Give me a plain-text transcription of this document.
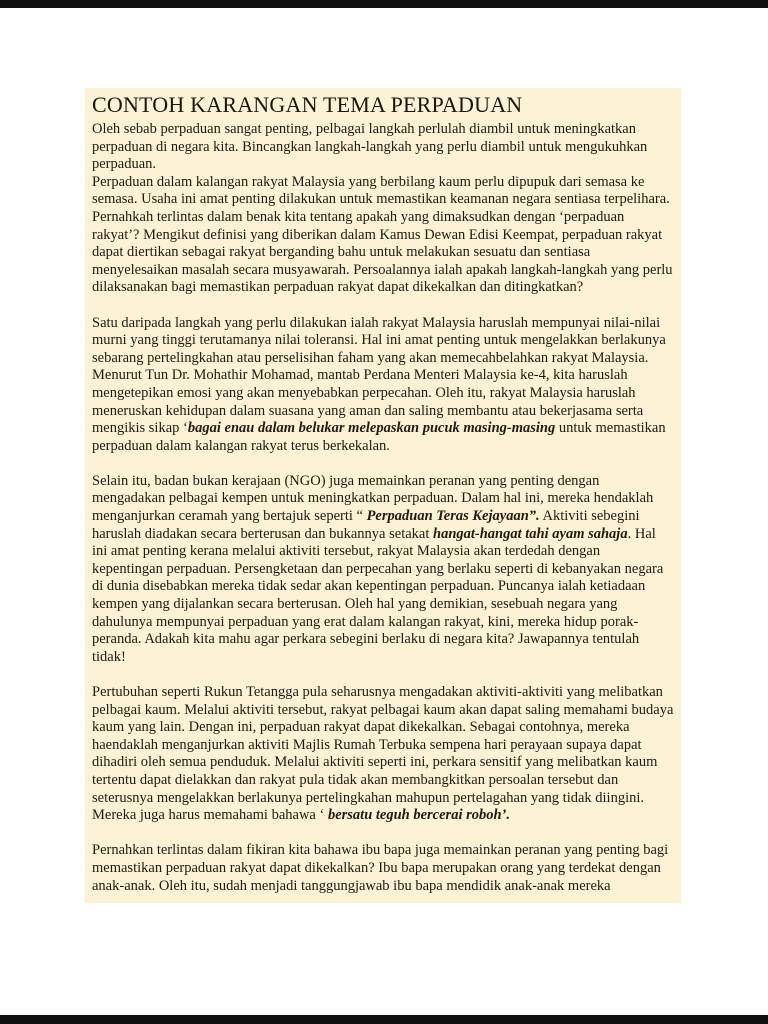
CONTOH KARANGAN TEMA PERPADUAN

Oleh sebab perpaduan sangat penting, pelbagai langkah perlulah diambil untuk meningkatkan perpaduan di negara kita. Bincangkan langkah-langkah yang perlu diambil untuk mengukuhkan perpaduan.

Perpaduan dalam kalangan rakyat Malaysia yang berbilang kaum perlu dipupuk dari semasa ke semasa. Usaha ini amat penting dilakukan untuk memastikan keamanan negara sentiasa terpelihara. Pernahkah terlintas dalam benak kita tentang apakah yang dimaksudkan dengan ‘perpaduan rakyat’? Mengikut definisi yang diberikan dalam Kamus Dewan Edisi Keempat, perpaduan rakyat dapat diertikan sebagai rakyat berganding bahu untuk melakukan sesuatu dan sentiasa menyelesaikan masalah secara musyawarah. Persoalannya ialah apakah langkah-langkah yang perlu dilaksanakan bagi memastikan perpaduan rakyat dapat dikekalkan dan ditingkatkan?

Satu daripada langkah yang perlu dilakukan ialah rakyat Malaysia haruslah mempunyai nilai-nilai murni yang tinggi terutamanya nilai toleransi. Hal ini amat penting untuk mengelakkan berlakunya sebarang pertelingkahan atau perselisihan faham yang akan memecahbelahkan rakyat Malaysia. Menurut Tun Dr. Mohathir Mohamad, mantab Perdana Menteri Malaysia ke-4, kita haruslah mengetepikan emosi yang akan menyebabkan perpecahan. Oleh itu, rakyat Malaysia haruslah meneruskan kehidupan dalam suasana yang aman dan saling membantu atau bekerjasama serta mengikis sikap ‘bagai enau dalam belukar melepaskan pucuk masing-masing untuk memastikan perpaduan dalam kalangan rakyat terus berkekalan.

Selain itu, badan bukan kerajaan (NGO) juga memainkan peranan yang penting dengan mengadakan pelbagai kempen untuk meningkatkan perpaduan. Dalam hal ini, mereka hendaklah menganjurkan ceramah yang bertajuk seperti “ Perpaduan Teras Kejayaan”. Aktiviti sebegini haruslah diadakan secara berterusan dan bukannya setakat hangat-hangat tahi ayam sahaja. Hal ini amat penting kerana melalui aktiviti tersebut, rakyat Malaysia akan terdedah dengan kepentingan perpaduan. Persengketaan dan perpecahan yang berlaku seperti di kebanyakan negara di dunia disebabkan mereka tidak sedar akan kepentingan perpaduan. Puncanya ialah ketiadaan kempen yang dijalankan secara berterusan. Oleh hal yang demikian, sesebuah negara yang dahulunya mempunyai perpaduan yang erat dalam kalangan rakyat, kini, mereka hidup porak-peranda. Adakah kita mahu agar perkara sebegini berlaku di negara kita? Jawapannya tentulah tidak!

Pertubuhan seperti Rukun Tetangga pula seharusnya mengadakan aktiviti-aktiviti yang melibatkan pelbagai kaum. Melalui aktiviti tersebut, rakyat pelbagai kaum akan dapat saling memahami budaya kaum yang lain. Dengan ini, perpaduan rakyat dapat dikekalkan. Sebagai contohnya, mereka haendaklah menganjurkan aktiviti Majlis Rumah Terbuka sempena hari perayaan supaya dapat dihadiri oleh semua penduduk. Melalui aktiviti seperti ini, perkara sensitif yang melibatkan kaum tertentu dapat dielakkan dan rakyat pula tidak akan membangkitkan persoalan tersebut dan seterusnya mengelakkan berlakunya pertelingkahan mahupun pertelagahan yang tidak diingini. Mereka juga harus memahami bahawa ‘ bersatu teguh bercerai roboh’.

Pernahkan terlintas dalam fikiran kita bahawa ibu bapa juga memainkan peranan yang penting bagi memastikan perpaduan rakyat dapat dikekalkan? Ibu bapa merupakan orang yang terdekat dengan anak-anak. Oleh itu, sudah menjadi tanggungjawab ibu bapa mendidik anak-anak mereka
